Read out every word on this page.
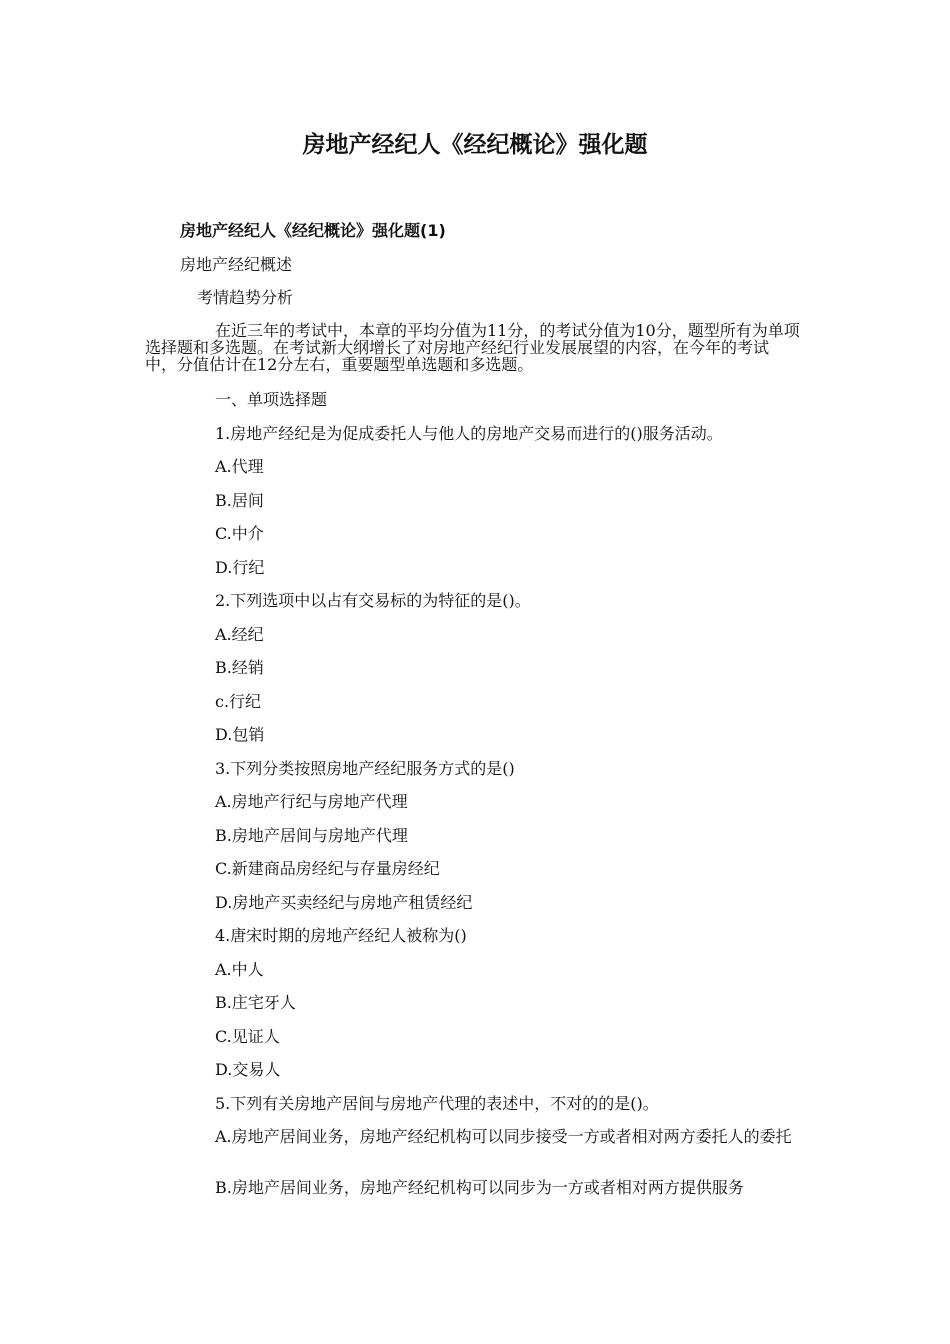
房地产经纪人《经纪概论》强化题
房地产经纪人《经纪概论》强化题(1)
房地产经纪概述
考情趋势分析
在近三年的考试中，本章的平均分值为11分，的考试分值为10分，题型所有为单项选择题和多选题。在考试新大纲增长了对房地产经纪行业发展展望的内容，在今年的考试中，分值估计在12分左右，重要题型单选题和多选题。
一、单项选择题
1.房地产经纪是为促成委托人与他人的房地产交易而进行的()服务活动。
A.代理
B.居间
C.中介
D.行纪
2.下列选项中以占有交易标的为特征的是()。
A.经纪
B.经销
c.行纪
D.包销
3.下列分类按照房地产经纪服务方式的是()
A.房地产行纪与房地产代理
B.房地产居间与房地产代理
C.新建商品房经纪与存量房经纪
D.房地产买卖经纪与房地产租赁经纪
4.唐宋时期的房地产经纪人被称为()
A.中人
B.庄宅牙人
C.见证人
D.交易人
5.下列有关房地产居间与房地产代理的表述中，不对的的是()。
A.房地产居间业务，房地产经纪机构可以同步接受一方或者相对两方委托人的委托
B.房地产居间业务，房地产经纪机构可以同步为一方或者相对两方提供服务
